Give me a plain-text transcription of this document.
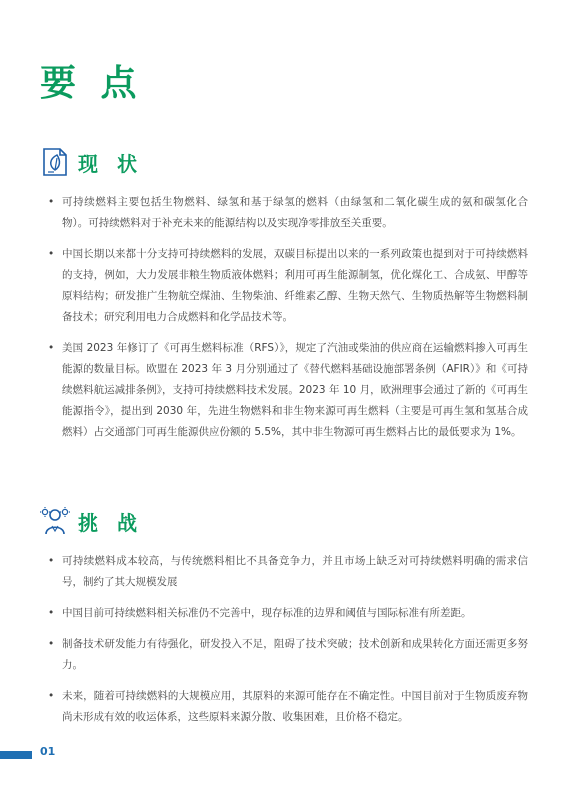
要 点
现 状
• 可持续燃料主要包括生物燃料、绿氢和基于绿氢的燃料（由绿氢和二氧化碳生成的氨和碳氢化合物）。可持续燃料对于补充未来的能源结构以及实现净零排放至关重要。
• 中国长期以来都十分支持可持续燃料的发展，双碳目标提出以来的一系列政策也提到对于可持续燃料的支持，例如，大力发展非粮生物质液体燃料；利用可再生能源制氢，优化煤化工、合成氨、甲醇等原料结构；研发推广生物航空煤油、生物柴油、纤维素乙醇、生物天然气、生物质热解等生物燃料制备技术；研究利用电力合成燃料和化学品技术等。
• 美国 2023 年修订了《可再生燃料标准（RFS）》，规定了汽油或柴油的供应商在运输燃料掺入可再生能源的数量目标。欧盟在 2023 年 3 月分别通过了《替代燃料基础设施部署条例（AFIR）》和《可持续燃料航运减排条例》，支持可持续燃料技术发展。2023 年 10 月，欧洲理事会通过了新的《可再生能源指令》，提出到 2030 年，先进生物燃料和非生物来源可再生燃料（主要是可再生氢和氢基合成燃料）占交通部门可再生能源供应份额的 5.5%，其中非生物源可再生燃料占比的最低要求为 1%。
挑 战
• 可持续燃料成本较高，与传统燃料相比不具备竞争力，并且市场上缺乏对可持续燃料明确的需求信号，制约了其大规模发展
• 中国目前可持续燃料相关标准仍不完善中，现存标准的边界和阈值与国际标准有所差距。
• 制备技术研发能力有待强化，研发投入不足，阻碍了技术突破；技术创新和成果转化方面还需更多努力。
• 未来，随着可持续燃料的大规模应用，其原料的来源可能存在不确定性。中国目前对于生物质废弃物尚未形成有效的收运体系，这些原料来源分散、收集困难，且价格不稳定。
01
